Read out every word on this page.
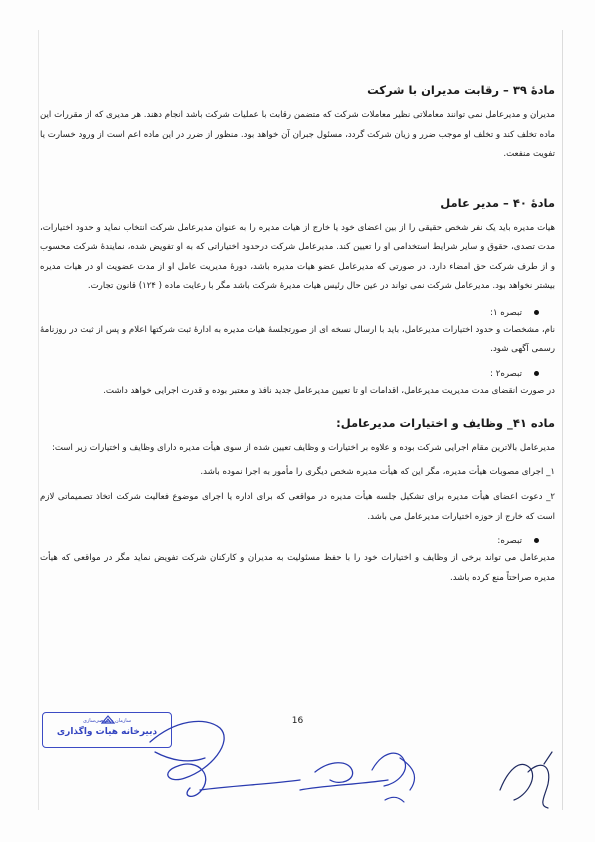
مادهٔ ۳۹ – رقابت مدیران با شرکت

مدیران و مدیرعامل نمی توانند معاملاتی نظیر معاملات شرکت که متضمن رقابت با عملیات شرکت باشد انجام دهند. هر مدیری که از مقررات این ماده تخلف کند و تخلف او موجب ضرر و زیان شرکت گردد، مسئول جبران آن خواهد بود. منظور از ضرر در این ماده اعم است از ورود خسارت یا تفویت منفعت.

مادهٔ ۴۰ – مدیر عامل

هیات مدیره باید یک نفر شخص حقیقی را از بین اعضای خود یا خارج از هیات مدیره را به عنوان مدیرعامل شرکت انتخاب نماید و حدود اختیارات، مدت تصدی، حقوق و سایر شرایط استخدامی او را تعیین کند. مدیرعامل شرکت درحدود اختیاراتی که به او تفویض شده، نمایندهٔ شرکت محسوب و از طرف شرکت حق امضاء دارد. در صورتی که مدیرعامل عضو هیات مدیره باشد، دورهٔ مدیریت عامل او از مدت عضویت او در هیات مدیره بیشتر نخواهد بود. مدیرعامل شرکت نمی تواند در عین حال رئیس هیات مدیرهٔ شرکت باشد مگر با رعایت ماده ( ۱۲۴) قانون تجارت.

تبصره ۱:

نام، مشخصات و حدود اختیارات مدیرعامل، باید با ارسال نسخه ای از صورتجلسهٔ هیات مدیره به ادارهٔ ثبت شرکتها اعلام و پس از ثبت در روزنامهٔ رسمی آگهی شود.

تبصره۲ :

در صورت انقضای مدت مدیریت مدیرعامل، اقدامات او تا تعیین مدیرعامل جدید نافذ و معتبر بوده و قدرت اجرایی خواهد داشت.

ماده ۴۱_ وظایف و اختیارات مدیرعامل:

مدیرعامل بالاترین مقام اجرایی شرکت بوده و علاوه بر اختیارات و وظایف تعیین شده از سوی هیأت مدیره دارای وظایف و اختیارات زیر است:

۱_ اجرای مصوبات هیأت مدیره، مگر این که هیأت مدیره شخص دیگری را مأمور به اجرا نموده باشد.

۲_ دعوت اعضای هیأت مدیره برای تشکیل جلسه هیأت مدیره در مواقعی که برای اداره یا اجرای موضوع فعالیت شرکت اتخاذ تصمیماتی لازم است که خارج از حوزه اختیارات مدیرعامل می باشد.

تبصره:

مدیرعامل می تواند برخی از وظایف و اختیارات خود را با حفظ مسئولیت به مدیران و کارکنان شرکت تفویض نماید مگر در مواقعی که هیأت مدیره صراحتاً منع کرده باشد.

16
سازمان خصوصی‌سازی
دبیرخانه هیات واگذاری
